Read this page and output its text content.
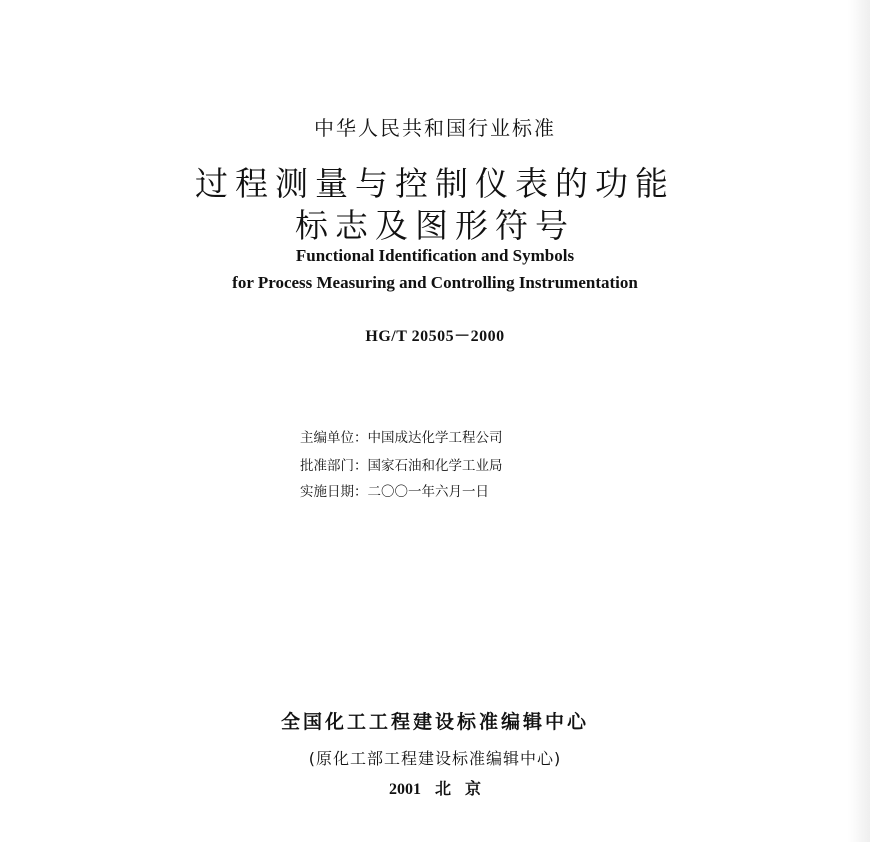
中华人民共和国行业标准
过程测量与控制仪表的功能
标志及图形符号
Functional Identification and Symbols
for Process Measuring and Controlling Instrumentation
HG/T 20505－2000
主编单位：中国成达化学工程公司
批准部门：国家石油和化学工业局
实施日期：二〇〇一年六月一日
全国化工工程建设标准编辑中心
(原化工部工程建设标准编辑中心)
2001 北 京
